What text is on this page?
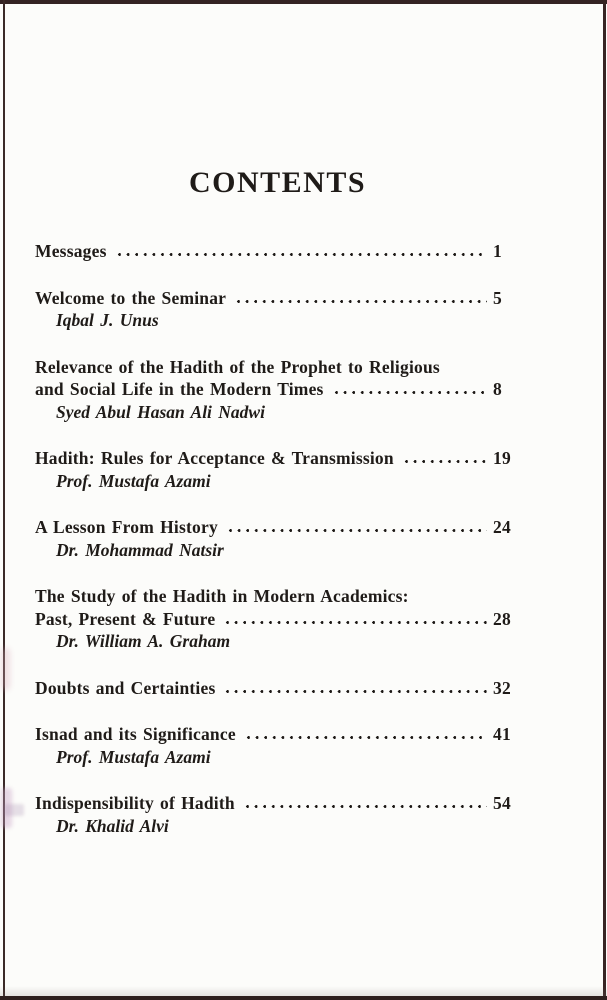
CONTENTS
Messages	1
Welcome to the Seminar	5
Iqbal J. Unus
Relevance of the Hadith of the Prophet to Religious
and Social Life in the Modern Times	8
Syed Abul Hasan Ali Nadwi
Hadith: Rules for Acceptance & Transmission	19
Prof. Mustafa Azami
A Lesson From History	24
Dr. Mohammad Natsir
The Study of the Hadith in Modern Academics:
Past, Present & Future	28
Dr. William A. Graham
Doubts and Certainties	32
Isnad and its Significance	41
Prof. Mustafa Azami
Indispensibility of Hadith	54
Dr. Khalid Alvi
